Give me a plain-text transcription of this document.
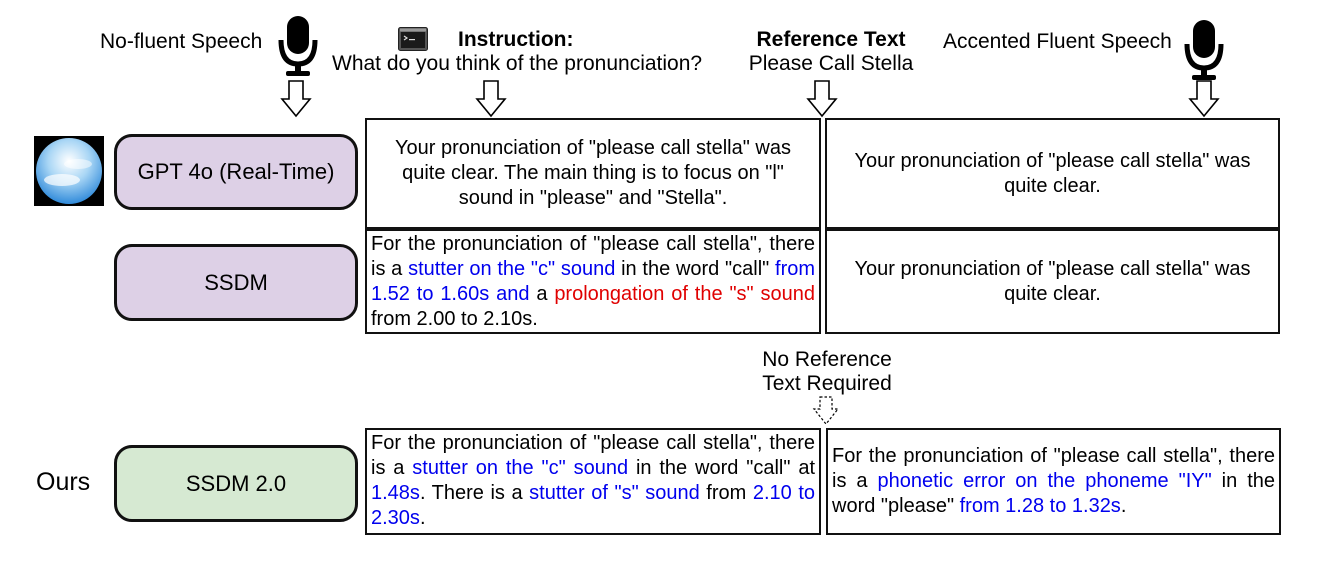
No-fluent Speech	Instruction:
What do you think of the pronunciation?
Reference Text
Please Call Stella
Accented Fluent Speech
GPT 4o (Real-Time)
Your pronunciation of "please call stella" was quite clear. The main thing is to focus on "l" sound in "please" and "Stella".
Your pronunciation of "please call stella" was quite clear.
SSDM
For the pronunciation of "please call stella", there is a stutter on the "c" sound in the word "call" from 1.52 to 1.60s and a prolongation of the "s" sound from 2.00 to 2.10s.
Your pronunciation of "please call stella" was quite clear.
No Reference
Text Required
Ours	SSDM 2.0
For the pronunciation of "please call stella", there is a stutter on the "c" sound in the word "call" at 1.48s. There is a stutter of "s" sound from 2.10 to 2.30s.
For the pronunciation of "please call stella", there is a phonetic error on the phoneme "IY" in the word "please" from 1.28 to 1.32s.
